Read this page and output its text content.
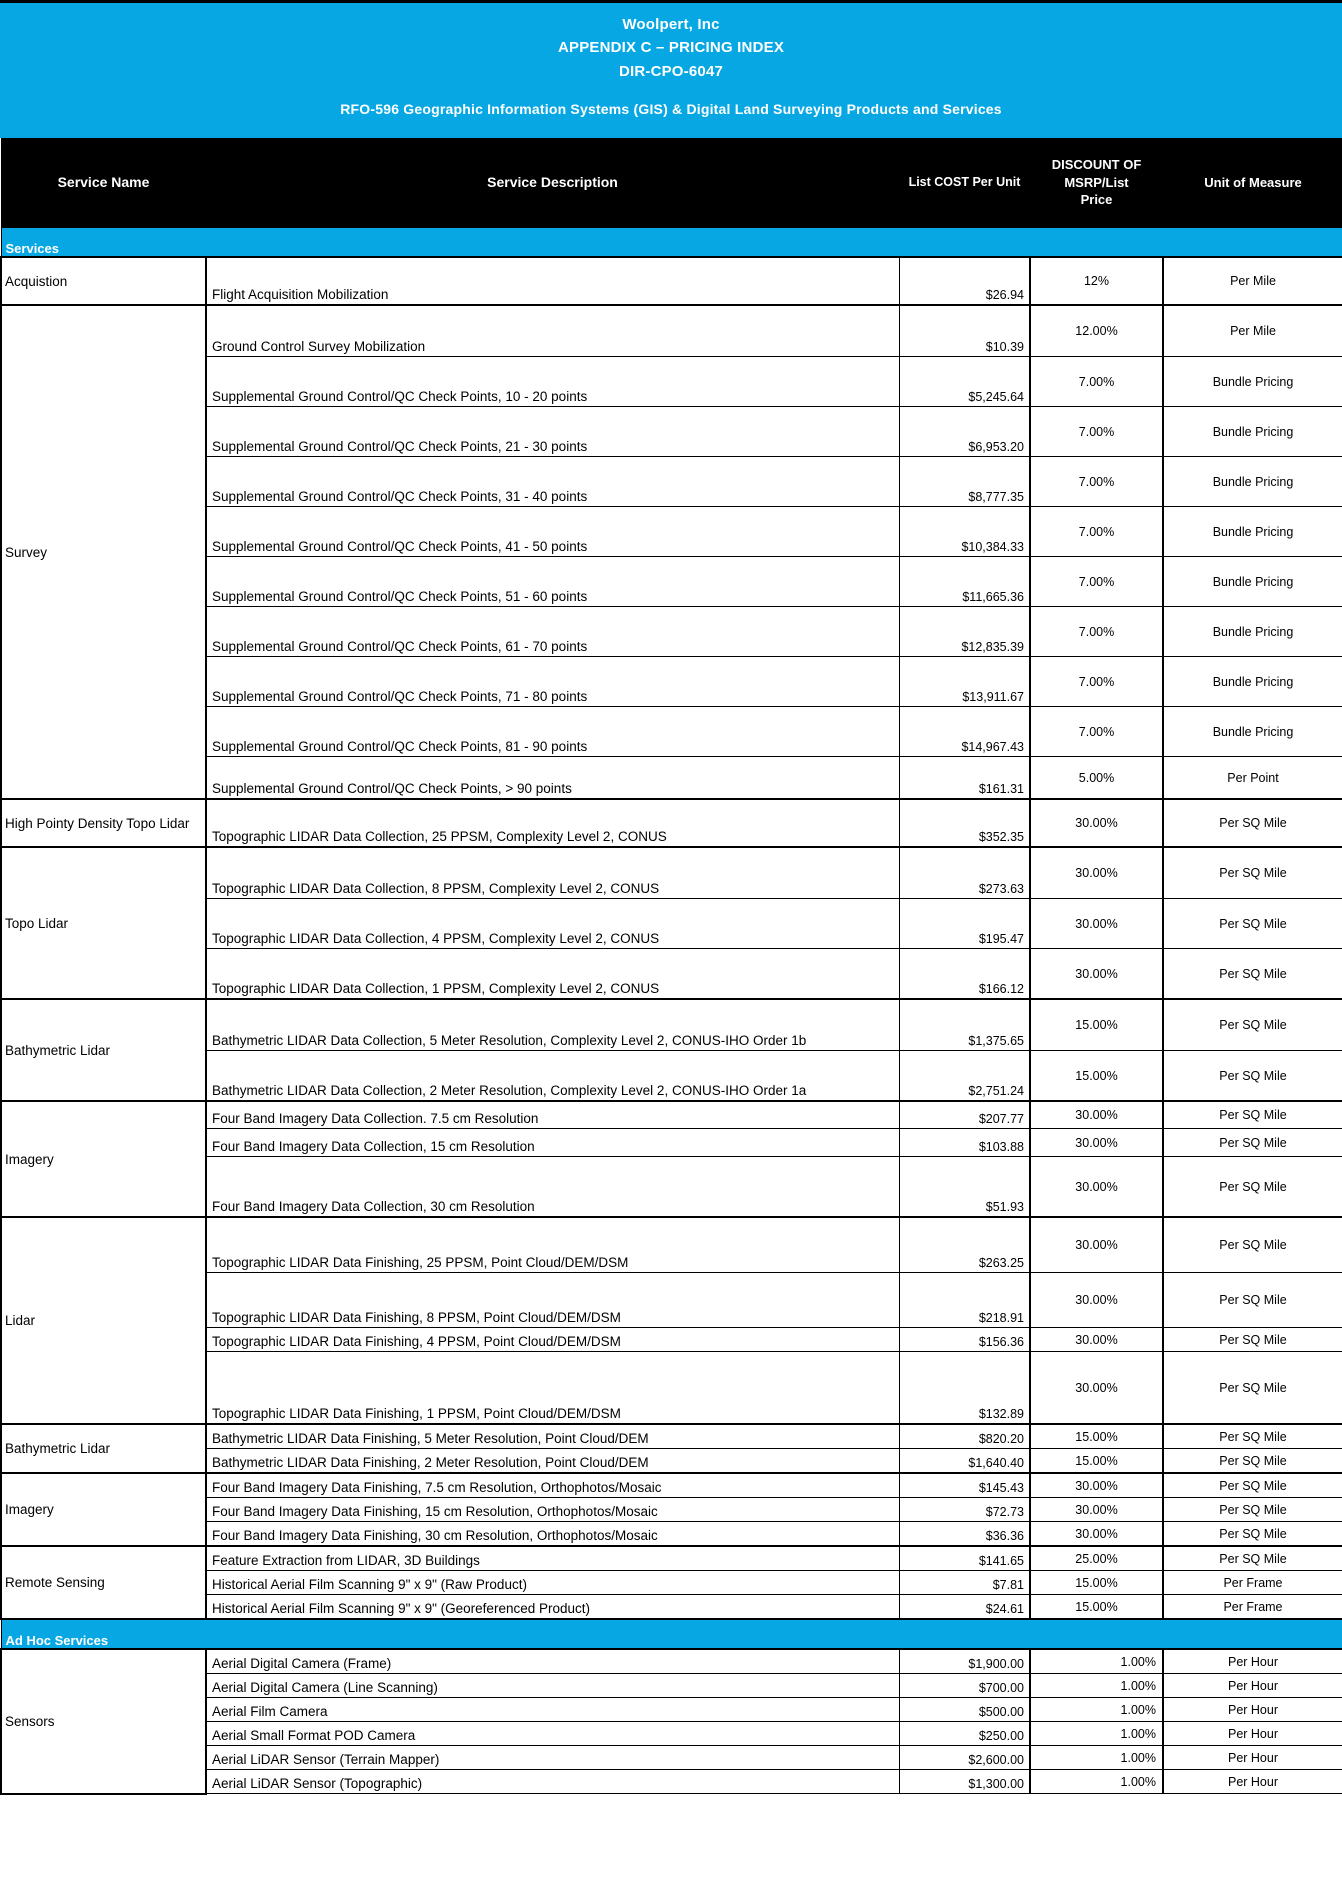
Woolpert, Inc
APPENDIX C – PRICING INDEX
DIR-CPO-6047
RFO-596 Geographic Information Systems (GIS) & Digital Land Surveying Products and Services
Service Name	Service Description	List COST Per Unit	DISCOUNT OF
MSRP/List
Price	Unit of Measure
Services				
Acquistion	Flight Acquisition Mobilization	$26.94	12%	Per Mile
Survey	Ground Control Survey Mobilization	$10.39	12.00%	Per Mile
	Supplemental Ground Control/QC Check Points, 10 - 20 points	$5,245.64	7.00%	Bundle Pricing
	Supplemental Ground Control/QC Check Points, 21 - 30 points	$6,953.20	7.00%	Bundle Pricing
	Supplemental Ground Control/QC Check Points, 31 - 40 points	$8,777.35	7.00%	Bundle Pricing
	Supplemental Ground Control/QC Check Points, 41 - 50 points	$10,384.33	7.00%	Bundle Pricing
	Supplemental Ground Control/QC Check Points, 51 - 60 points	$11,665.36	7.00%	Bundle Pricing
	Supplemental Ground Control/QC Check Points, 61 - 70 points	$12,835.39	7.00%	Bundle Pricing
	Supplemental Ground Control/QC Check Points, 71 - 80 points	$13,911.67	7.00%	Bundle Pricing
	Supplemental Ground Control/QC Check Points, 81 - 90 points	$14,967.43	7.00%	Bundle Pricing
	Supplemental Ground Control/QC Check Points, > 90 points	$161.31	5.00%	Per Point
High Pointy Density Topo Lidar	Topographic LIDAR Data Collection, 25 PPSM, Complexity Level 2, CONUS	$352.35	30.00%	Per SQ Mile
Topo Lidar	Topographic LIDAR Data Collection, 8 PPSM, Complexity Level 2, CONUS	$273.63	30.00%	Per SQ Mile
	Topographic LIDAR Data Collection, 4 PPSM, Complexity Level 2, CONUS	$195.47	30.00%	Per SQ Mile
	Topographic LIDAR Data Collection, 1 PPSM, Complexity Level 2, CONUS	$166.12	30.00%	Per SQ Mile
Bathymetric Lidar	Bathymetric LIDAR Data Collection, 5 Meter Resolution, Complexity Level 2, CONUS-IHO Order 1b	$1,375.65	15.00%	Per SQ Mile
	Bathymetric LIDAR Data Collection, 2 Meter Resolution, Complexity Level 2, CONUS-IHO Order 1a	$2,751.24	15.00%	Per SQ Mile
Imagery	Four Band Imagery Data Collection. 7.5 cm Resolution	$207.77	30.00%	Per SQ Mile
	Four Band Imagery Data Collection, 15 cm Resolution	$103.88	30.00%	Per SQ Mile
	Four Band Imagery Data Collection, 30 cm Resolution	$51.93	30.00%	Per SQ Mile
Lidar	Topographic LIDAR Data Finishing, 25 PPSM, Point Cloud/DEM/DSM	$263.25	30.00%	Per SQ Mile
	Topographic LIDAR Data Finishing, 8 PPSM, Point Cloud/DEM/DSM	$218.91	30.00%	Per SQ Mile
	Topographic LIDAR Data Finishing, 4 PPSM, Point Cloud/DEM/DSM	$156.36	30.00%	Per SQ Mile
	Topographic LIDAR Data Finishing, 1 PPSM, Point Cloud/DEM/DSM	$132.89	30.00%	Per SQ Mile
Bathymetric Lidar	Bathymetric LIDAR Data Finishing, 5 Meter Resolution, Point Cloud/DEM	$820.20	15.00%	Per SQ Mile
	Bathymetric LIDAR Data Finishing, 2 Meter Resolution, Point Cloud/DEM	$1,640.40	15.00%	Per SQ Mile
Imagery	Four Band Imagery Data Finishing, 7.5 cm Resolution, Orthophotos/Mosaic	$145.43	30.00%	Per SQ Mile
	Four Band Imagery Data Finishing, 15 cm Resolution, Orthophotos/Mosaic	$72.73	30.00%	Per SQ Mile
	Four Band Imagery Data Finishing, 30 cm Resolution, Orthophotos/Mosaic	$36.36	30.00%	Per SQ Mile
Remote Sensing	Feature Extraction from LIDAR, 3D Buildings	$141.65	25.00%	Per SQ Mile
	Historical Aerial Film Scanning 9" x 9" (Raw Product)	$7.81	15.00%	Per Frame
	Historical Aerial Film Scanning 9" x 9" (Georeferenced Product)	$24.61	15.00%	Per Frame
Ad Hoc Services				
Sensors	Aerial Digital Camera (Frame)	$1,900.00	1.00%	Per Hour
	Aerial Digital Camera (Line Scanning)	$700.00	1.00%	Per Hour
	Aerial Film Camera	$500.00	1.00%	Per Hour
	Aerial Small Format POD Camera	$250.00	1.00%	Per Hour
	Aerial LiDAR Sensor (Terrain Mapper)	$2,600.00	1.00%	Per Hour
	Aerial LiDAR Sensor (Topographic)	$1,300.00	1.00%	Per Hour
